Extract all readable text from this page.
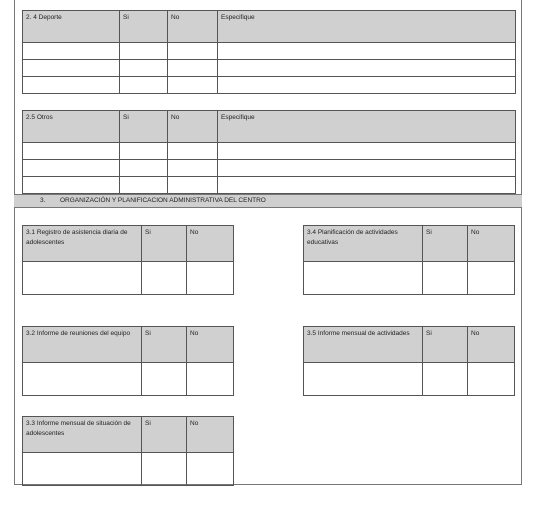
2. 4 Deporte	Si	No	Especifique

2.5 Otros	Si	No	Especifique

3. ORGANIZACIÓN Y PLANIFICACION ADMINISTRATIVA DEL CENTRO
3.1 Registro de asistencia diaria de adolescentes	Si	No
			3.4 Planificación de actividades educativas	Si	No

3.2 Informe de reuniones del equipo	Si	No
			3.5 Informe mensual de actividades	Si	No

3.3 Informe mensual de situación de adolescentes	Si	No
